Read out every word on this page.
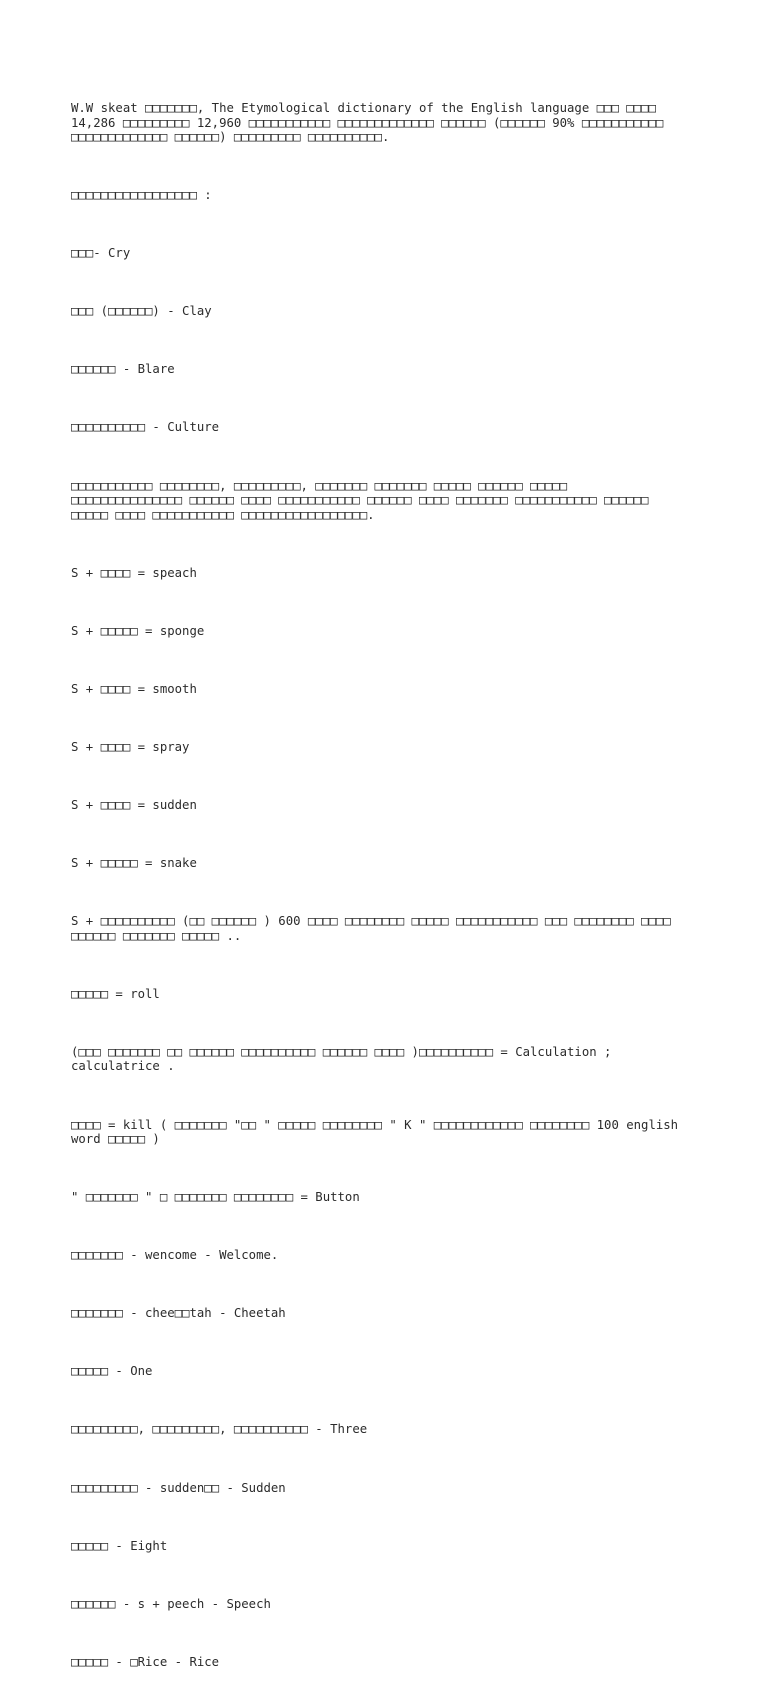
W.W skeat □□□□□□□, The Etymological dictionary of the English language □□□ □□□□
14,286 □□□□□□□□□ 12,960 □□□□□□□□□□□ □□□□□□□□□□□□□ □□□□□□ (□□□□□□ 90% □□□□□□□□□□□
□□□□□□□□□□□□□ □□□□□□) □□□□□□□□□ □□□□□□□□□□.

□□□□□□□□□□□□□□□□□ :

□□□- Cry

□□□ (□□□□□□) - Clay

□□□□□□ - Blare

□□□□□□□□□□ - Culture

□□□□□□□□□□□ □□□□□□□□, □□□□□□□□□, □□□□□□□ □□□□□□□ □□□□□ □□□□□□ □□□□□
□□□□□□□□□□□□□□□ □□□□□□ □□□□ □□□□□□□□□□□ □□□□□□ □□□□ □□□□□□□ □□□□□□□□□□□ □□□□□□
□□□□□ □□□□ □□□□□□□□□□□ □□□□□□□□□□□□□□□□□.

S + □□□□ = speach

S + □□□□□ = sponge

S + □□□□ = smooth

S + □□□□ = spray

S + □□□□ = sudden

S + □□□□□ = snake

S + □□□□□□□□□□ (□□ □□□□□□ ) 600 □□□□ □□□□□□□□ □□□□□ □□□□□□□□□□□ □□□ □□□□□□□□ □□□□
□□□□□□ □□□□□□□ □□□□□ ..

□□□□□ = roll

(□□□ □□□□□□□ □□ □□□□□□ □□□□□□□□□□ □□□□□□ □□□□ )□□□□□□□□□□ = Calculation ;
calculatrice .

□□□□ = kill ( □□□□□□□ "□□ " □□□□□ □□□□□□□□ " K " □□□□□□□□□□□□ □□□□□□□□ 100 english
word □□□□□ )

" □□□□□□□ " □ □□□□□□□ □□□□□□□□ = Button

□□□□□□□ - wencome - Welcome.

□□□□□□□ - chee□□tah - Cheetah

□□□□□ - One

□□□□□□□□□, □□□□□□□□□, □□□□□□□□□□ - Three

□□□□□□□□□ - sudden□□ - Sudden

□□□□□ - Eight

□□□□□□ - s + peech - Speech

□□□□□ - □Rice - Rice
